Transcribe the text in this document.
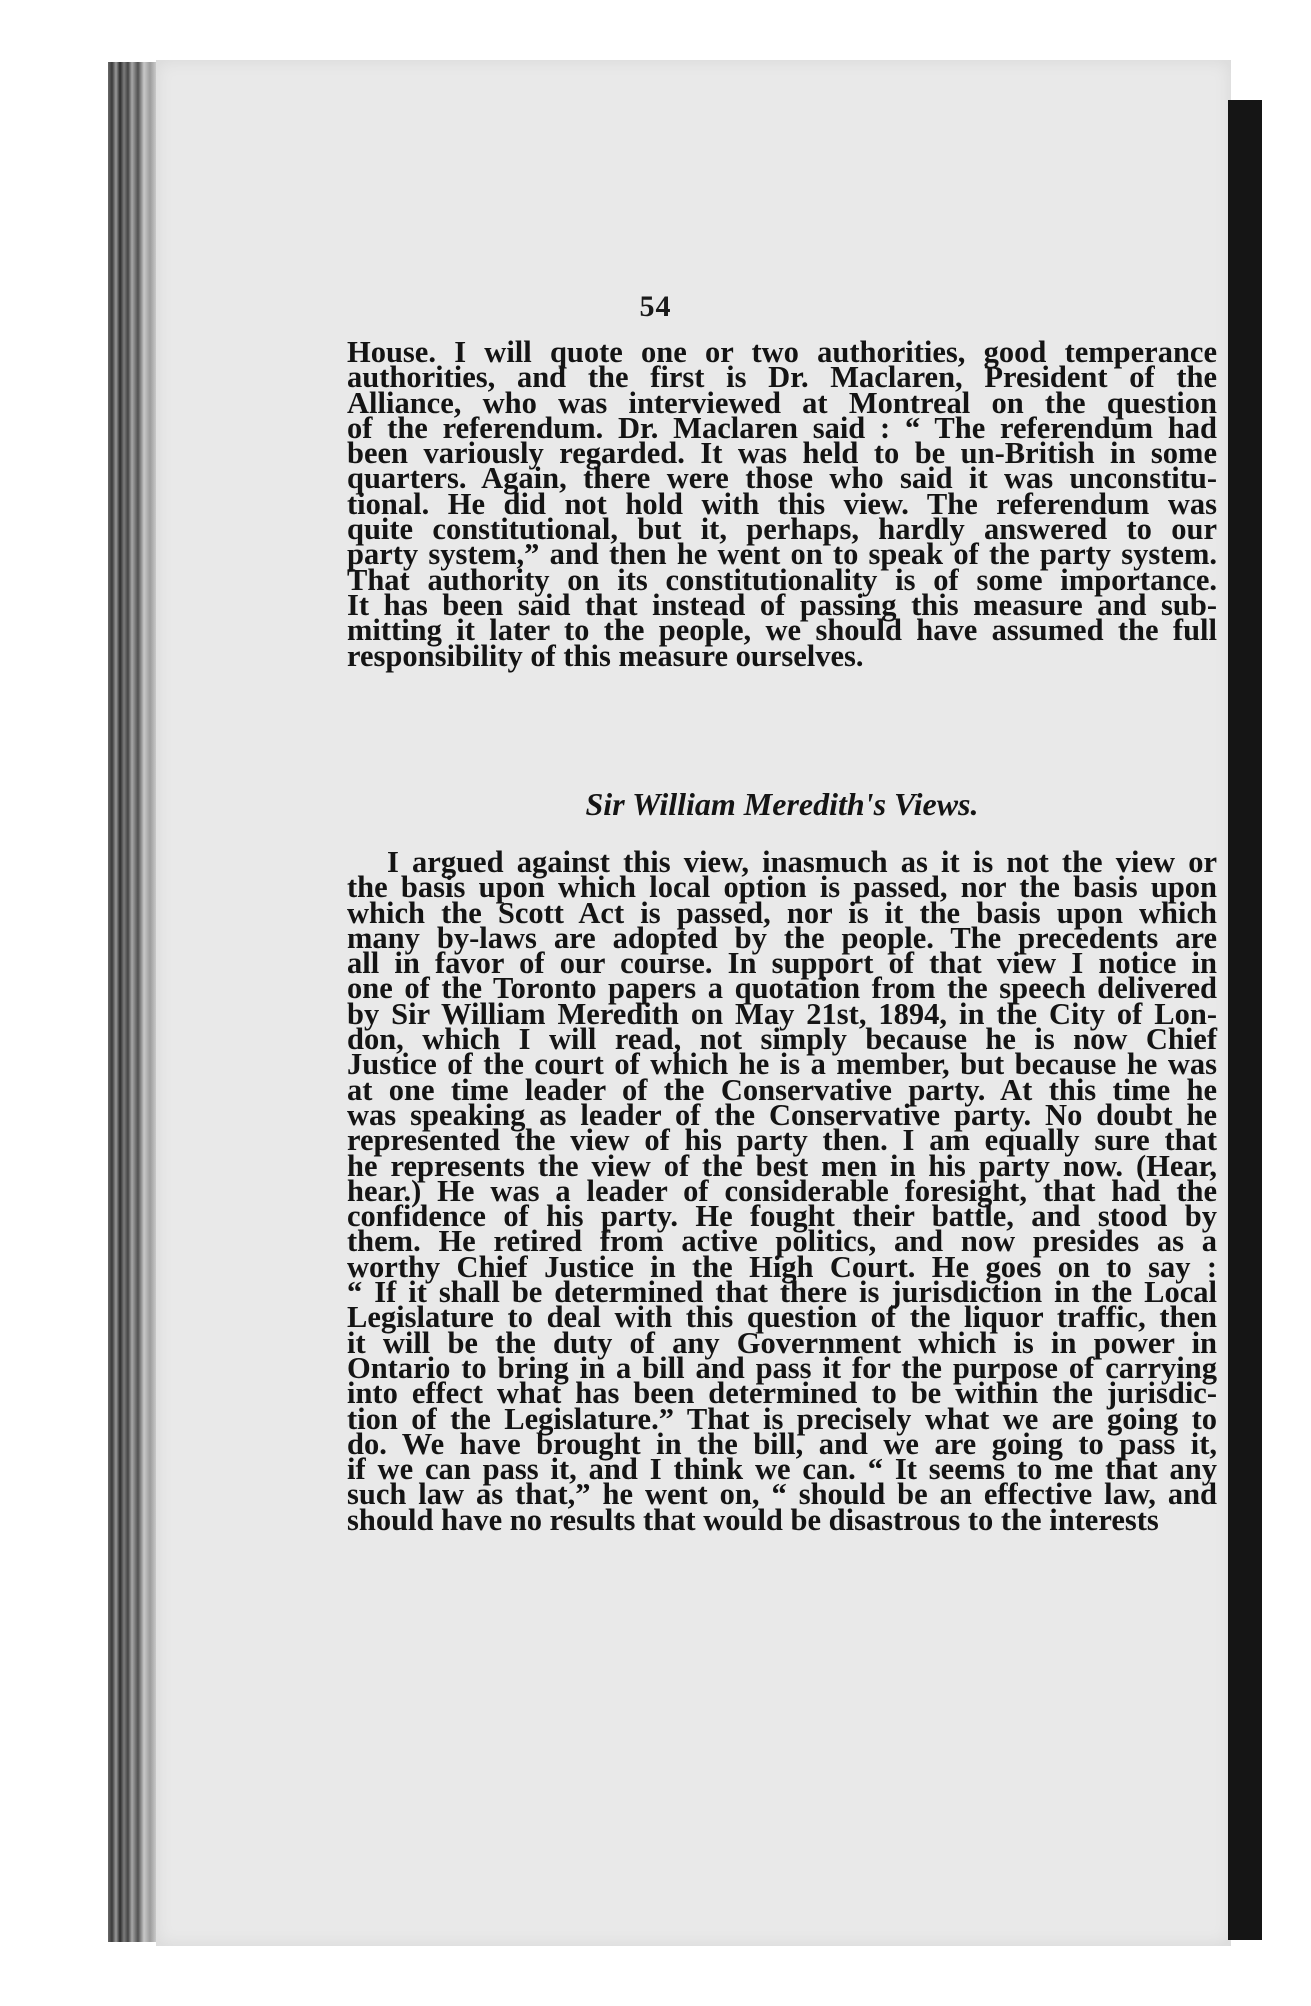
54
House. I will quote one or two authorities, good temperance
authorities, and the first is Dr. Maclaren, President of the
Alliance, who was interviewed at Montreal on the question
of the referendum. Dr. Maclaren said : “ The referendum had
been variously regarded. It was held to be un-British in some
quarters. Again, there were those who said it was unconstitu-
tional. He did not hold with this view. The referendum was
quite constitutional, but it, perhaps, hardly answered to our
party system,” and then he went on to speak of the party system.
That authority on its constitutionality is of some importance.
It has been said that instead of passing this measure and sub-
mitting it later to the people, we should have assumed the full
responsibility of this measure ourselves.
Sir William Meredith's Views.
I argued against this view, inasmuch as it is not the view or
the basis upon which local option is passed, nor the basis upon
which the Scott Act is passed, nor is it the basis upon which
many by-laws are adopted by the people. The precedents are
all in favor of our course. In support of that view I notice in
one of the Toronto papers a quotation from the speech delivered
by Sir William Meredith on May 21st, 1894, in the City of Lon-
don, which I will read, not simply because he is now Chief
Justice of the court of which he is a member, but because he was
at one time leader of the Conservative party. At this time he
was speaking as leader of the Conservative party. No doubt he
represented the view of his party then. I am equally sure that
he represents the view of the best men in his party now. (Hear,
hear.) He was a leader of considerable foresight, that had the
confidence of his party. He fought their battle, and stood by
them. He retired from active politics, and now presides as a
worthy Chief Justice in the High Court. He goes on to say :
“ If it shall be determined that there is jurisdiction in the Local
Legislature to deal with this question of the liquor traffic, then
it will be the duty of any Government which is in power in
Ontario to bring in a bill and pass it for the purpose of carrying
into effect what has been determined to be within the jurisdic-
tion of the Legislature.” That is precisely what we are going to
do. We have brought in the bill, and we are going to pass it,
if we can pass it, and I think we can. “ It seems to me that any
such law as that,” he went on, “ should be an effective law, and
should have no results that would be disastrous to the interests
